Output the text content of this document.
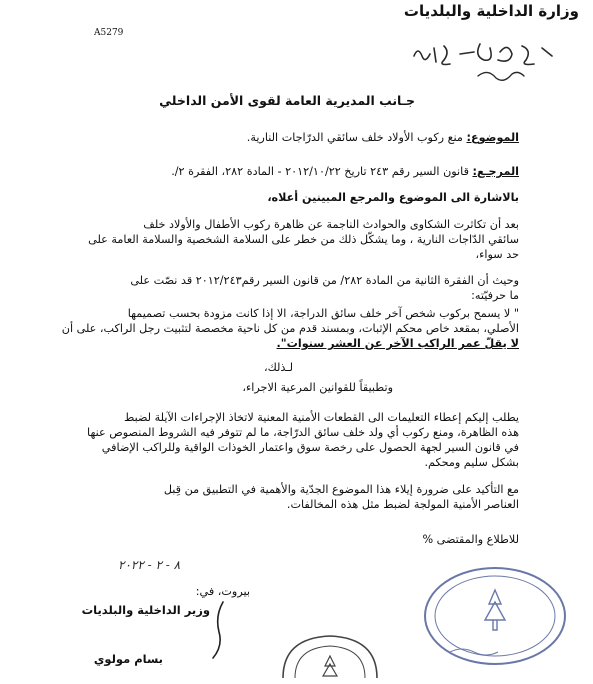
وزارة الداخلية والبلديات
A5279
جـانب المديرية العامة لقوى الأمن الداخلي
الموضوع: منع ركوب الأولاد خلف سائقي الدرّاجات النارية.
المرجـع: قانون السير رقم ٢٤٣ تاريخ ٢٠١٢/١٠/٢٢ - المادة ٢٨٢، الفقرة ٢/.
بالاشارة الى الموضوع والمرجع المبينين أعلاه،
بعد أن تكاثرت الشكاوى والحوادث الناجمة عن ظاهرة ركوب الأطفال والأولاد خلف
سائقي الدّاجات النارية ، وما يشكّل ذلك من خطر على السلامة الشخصية والسلامة العامة على
حد سواء،
وحيث أن الفقرة الثانية من المادة ٢٨٢/ من قانون السير رقم٢٠١٢/٢٤٣ قد نصّت على
ما حرفيّته:
" لا يسمح بركوب شخص آخر خلف سائق الدراجة، الا إذا كانت مزودة بحسب تصميمها
الأصلي، بمقعد خاص محكم الإثبات، وبمسند قدم من كل ناحية مخصصة لتثبيت رجل الراكب، على أن
لا يقلّ عمر الراكب الآخر عن العشر سنوات".
لـذلك،
وتطبيقاً للقوانين المرعية الاجراء،
يطلب إليكم إعطاء التعليمات الى القطعات الأمنية المعنية لاتخاذ الإجراءات الآيلة لضبط
هذه الظاهرة، ومنع ركوب أي ولد خلف سائق الدرّاجة، ما لم تتوفر فيه الشروط المنصوص عنها
في قانون السير لجهة الحصول على رخصة سوق واعتمار الخوذات الواقية وللراكب الإضافي
بشكل سليم ومحكم.
مع التأكيد على ضرورة إيلاء هذا الموضوع الجدّية والأهمية في التطبيق من قِبل
العناصر الأمنية المولجة لضبط مثل هذه المخالفات.
للاطلاع والمقتضى %
٨ - ٢ - ٢٠٢٢
بيروت، في:
وزير الداخلية والبلديات
بسام مولوي
